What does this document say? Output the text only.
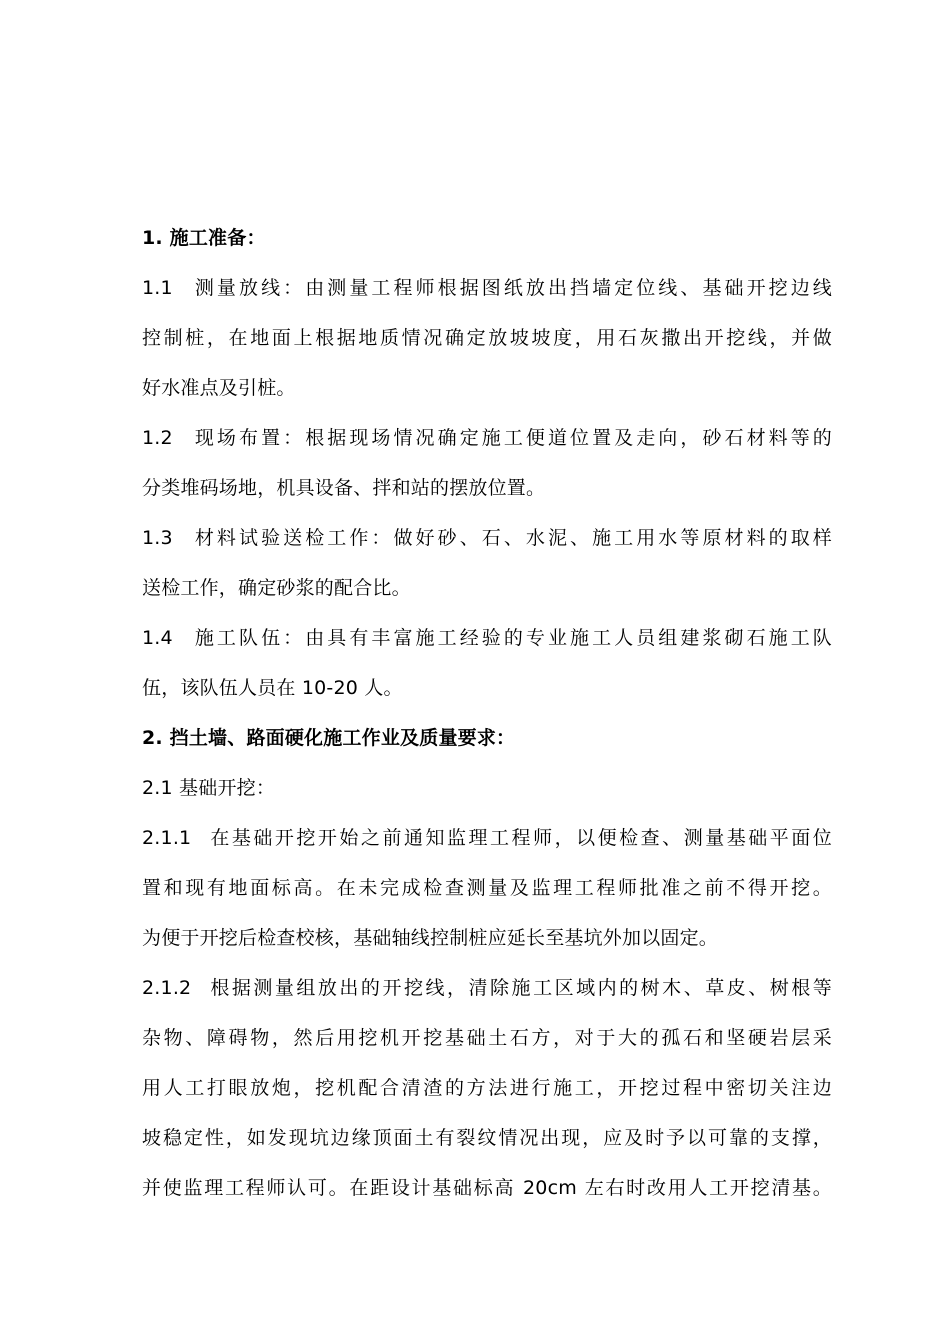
1. 施工准备：
1.1 测量放线：由测量工程师根据图纸放出挡墙定位线、基础开挖边线
控制桩，在地面上根据地质情况确定放坡坡度，用石灰撒出开挖线，并做
好水准点及引桩。
1.2 现场布置：根据现场情况确定施工便道位置及走向，砂石材料等的
分类堆码场地，机具设备、拌和站的摆放位置。
1.3 材料试验送检工作：做好砂、石、水泥、施工用水等原材料的取样
送检工作，确定砂浆的配合比。
1.4 施工队伍：由具有丰富施工经验的专业施工人员组建浆砌石施工队
伍，该队伍人员在 10-20 人。
2. 挡土墙、路面硬化施工作业及质量要求：
2.1 基础开挖：
2.1.1 在基础开挖开始之前通知监理工程师，以便检查、测量基础平面位
置和现有地面标高。在未完成检查测量及监理工程师批准之前不得开挖。
为便于开挖后检查校核，基础轴线控制桩应延长至基坑外加以固定。
2.1.2 根据测量组放出的开挖线，清除施工区域内的树木、草皮、树根等
杂物、障碍物，然后用挖机开挖基础土石方，对于大的孤石和坚硬岩层采
用人工打眼放炮，挖机配合清渣的方法进行施工，开挖过程中密切关注边
坡稳定性，如发现坑边缘顶面土有裂纹情况出现，应及时予以可靠的支撑，
并使监理工程师认可。在距设计基础标高 20cm 左右时改用人工开挖清基。
